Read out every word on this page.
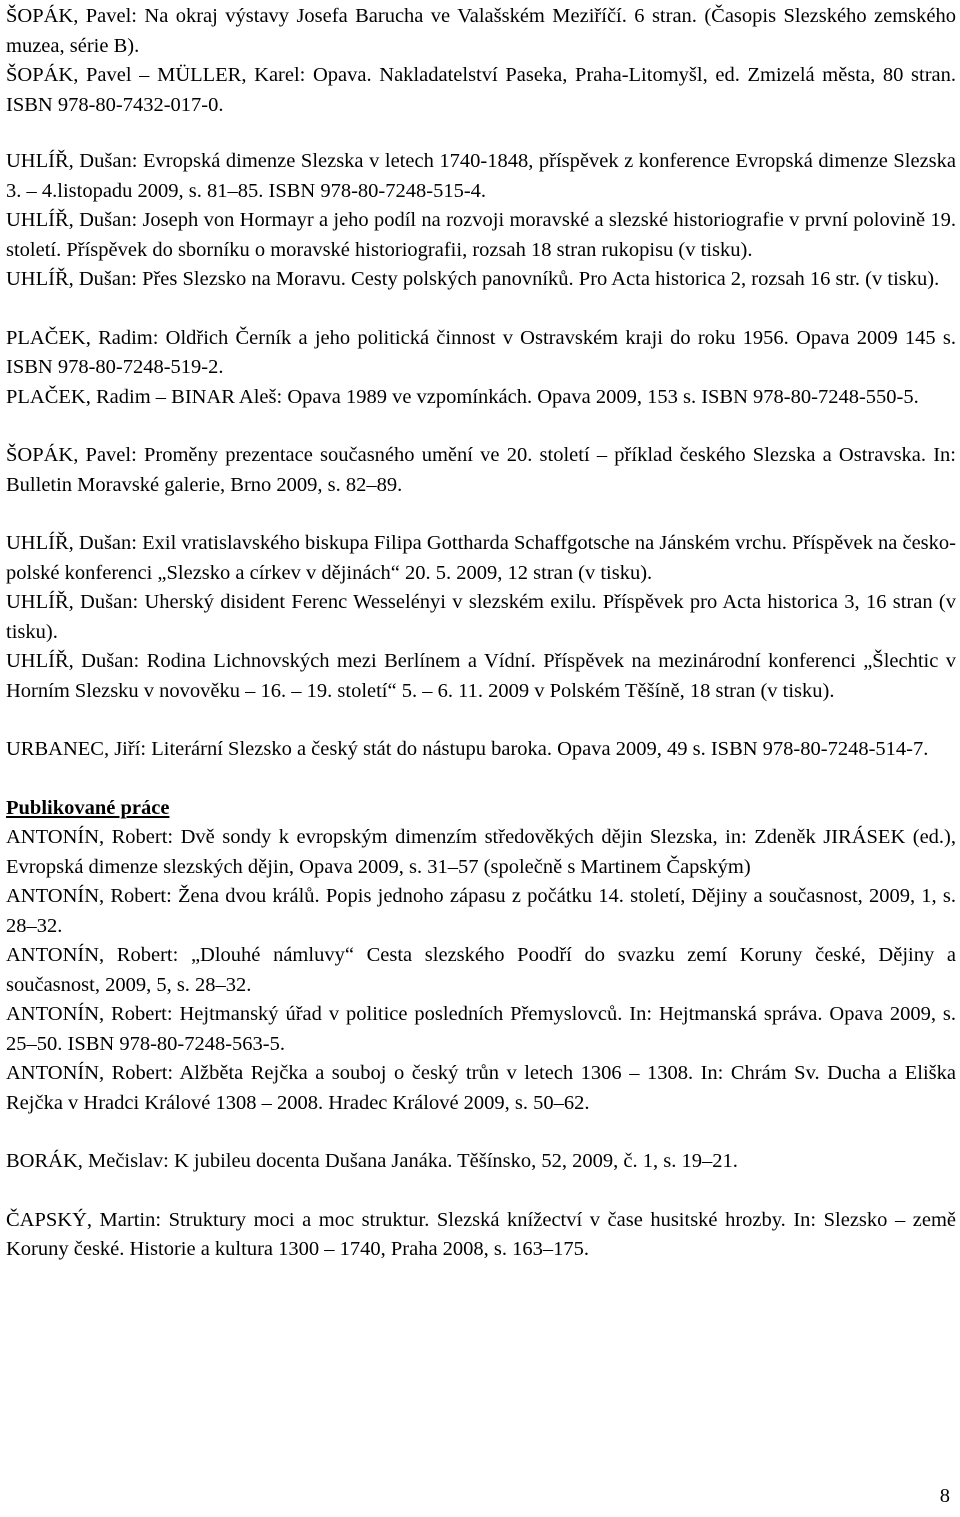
ŠOPÁK, Pavel: Na okraj výstavy Josefa Barucha ve Valašském Meziříčí. 6 stran. (Časopis Slezského zemského muzea, série B).

ŠOPÁK, Pavel – MÜLLER, Karel: Opava. Nakladatelství Paseka, Praha-Litomyšl, ed. Zmizelá města, 80 stran. ISBN 978-80-7432-017-0.

UHLÍŘ, Dušan: Evropská dimenze Slezska v letech 1740-1848, příspěvek z konference Evropská dimenze Slezska 3. – 4.listopadu 2009, s. 81–85. ISBN 978-80-7248-515-4.

UHLÍŘ, Dušan: Joseph von Hormayr a jeho podíl na rozvoji moravské a slezské historiografie v první polovině 19. století. Příspěvek do sborníku o moravské historiografii, rozsah 18 stran rukopisu (v tisku).

UHLÍŘ, Dušan: Přes Slezsko na Moravu. Cesty polských panovníků. Pro Acta historica 2, rozsah 16 str. (v tisku).

PLAČEK, Radim: Oldřich Černík a jeho politická činnost v Ostravském kraji do roku 1956. Opava 2009 145 s. ISBN 978-80-7248-519-2.

PLAČEK, Radim – BINAR Aleš: Opava 1989 ve vzpomínkách. Opava 2009, 153 s. ISBN 978-80-7248-550-5.

ŠOPÁK, Pavel: Proměny prezentace současného umění ve 20. století – příklad českého Slezska a Ostravska. In: Bulletin Moravské galerie, Brno 2009, s. 82–89.

UHLÍŘ, Dušan: Exil vratislavského biskupa Filipa Gottharda Schaffgotsche na Jánském vrchu. Příspěvek na česko-polské konferenci „Slezsko a církev v dějinách“ 20. 5. 2009, 12 stran (v tisku).

UHLÍŘ, Dušan: Uherský disident Ferenc Wesselényi v slezském exilu. Příspěvek pro Acta historica 3, 16 stran (v tisku).

UHLÍŘ, Dušan: Rodina Lichnovských mezi Berlínem a Vídní. Příspěvek na mezinárodní konferenci „Šlechtic v Horním Slezsku v novověku – 16. – 19. století“ 5. – 6. 11. 2009 v Polském Těšíně, 18 stran (v tisku).

URBANEC, Jiří: Literární Slezsko a český stát do nástupu baroka. Opava 2009, 49 s. ISBN 978-80-7248-514-7.

Publikované práce

ANTONÍN, Robert: Dvě sondy k evropským dimenzím středověkých dějin Slezska, in: Zdeněk JIRÁSEK (ed.), Evropská dimenze slezských dějin, Opava 2009, s. 31–57 (společně s Martinem Čapským)

ANTONÍN, Robert: Žena dvou králů. Popis jednoho zápasu z počátku 14. století, Dějiny a současnost, 2009, 1, s. 28–32.

ANTONÍN, Robert: „Dlouhé námluvy“ Cesta slezského Poodří do svazku zemí Koruny české, Dějiny a současnost, 2009, 5, s. 28–32.

ANTONÍN, Robert: Hejtmanský úřad v politice posledních Přemyslovců. In: Hejtmanská správa. Opava 2009, s. 25–50. ISBN 978-80-7248-563-5.

ANTONÍN, Robert: Alžběta Rejčka a souboj o český trůn v letech 1306 – 1308. In: Chrám Sv. Ducha a Eliška Rejčka v Hradci Králové 1308 – 2008. Hradec Králové 2009, s. 50–62.

BORÁK, Mečislav: K jubileu docenta Dušana Janáka. Těšínsko, 52, 2009, č. 1, s. 19–21.

ČAPSKÝ, Martin: Struktury moci a moc struktur. Slezská knížectví v čase husitské hrozby. In: Slezsko – země Koruny české. Historie a kultura 1300 – 1740, Praha 2008, s. 163–175.

8
